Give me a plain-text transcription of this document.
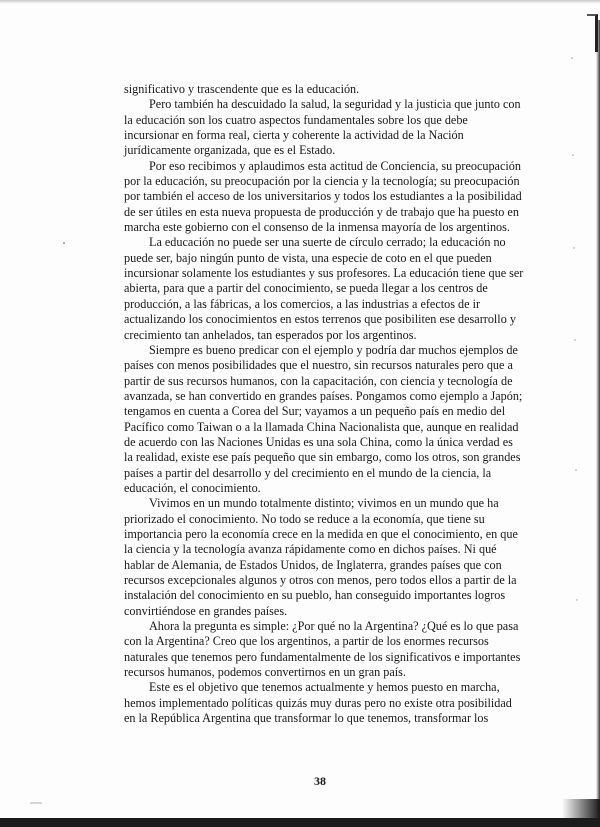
significativo y trascendente que es la educación.

Pero también ha descuidado la salud, la seguridad y la justicia que junto con la educación son los cuatro aspectos fundamentales sobre los que debe incursionar en forma real, cierta y coherente la actividad de la Nación jurídicamente organizada, que es el Estado.

Por eso recibimos y aplaudimos esta actitud de Conciencia, su preocupación por la educación, su preocupación por la ciencia y la tecnología; su preocupación por también el acceso de los universitarios y todos los estudiantes a la posibilidad de ser útiles en esta nueva propuesta de producción y de trabajo que ha puesto en marcha este gobierno con el consenso de la inmensa mayoría de los argentinos.

La educación no puede ser una suerte de círculo cerrado; la educación no puede ser, bajo ningún punto de vista, una especie de coto en el que pueden incursionar solamente los estudiantes y sus profesores. La educación tiene que ser abierta, para que a partir del conocimiento, se pueda llegar a los centros de producción, a las fábricas, a los comercios, a las industrias a efectos de ir actualizando los conocimientos en estos terrenos que posibiliten ese desarrollo y crecimiento tan anhelados, tan esperados por los argentinos.

Siempre es bueno predicar con el ejemplo y podría dar muchos ejemplos de países con menos posibilidades que el nuestro, sin recursos naturales pero que a partir de sus recursos humanos, con la capacitación, con ciencia y tecnología de avanzada, se han convertido en grandes países. Pongamos como ejemplo a Japón; tengamos en cuenta a Corea del Sur; vayamos a un pequeño país en medio del Pacífico como Taiwan o a la llamada China Nacionalista que, aunque en realidad de acuerdo con las Naciones Unidas es una sola China, como la única verdad es la realidad, existe ese país pequeño que sin embargo, como los otros, son grandes países a partir del desarrollo y del crecimiento en el mundo de la ciencia, la educación, el conocimiento.

Vivimos en un mundo totalmente distinto; vivimos en un mundo que ha priorizado el conocimiento. No todo se reduce a la economía, que tiene su importancia pero la economía crece en la medida en que el conocimiento, en que la ciencia y la tecnología avanza rápidamente como en dichos países. Ni qué hablar de Alemania, de Estados Unidos, de Inglaterra, grandes países que con recursos excepcionales algunos y otros con menos, pero todos ellos a partir de la instalación del conocimiento en su pueblo, han conseguido importantes logros convirtiéndose en grandes países.

Ahora la pregunta es simple: ¿Por qué no la Argentina? ¿Qué es lo que pasa con la Argentina? Creo que los argentinos, a partir de los enormes recursos naturales que tenemos pero fundamentalmente de los significativos e importantes recursos humanos, podemos convertirnos en un gran país.

Este es el objetivo que tenemos actualmente y hemos puesto en marcha, hemos implementado políticas quizás muy duras pero no existe otra posibilidad en la República Argentina que transformar lo que tenemos, transformar los

38
